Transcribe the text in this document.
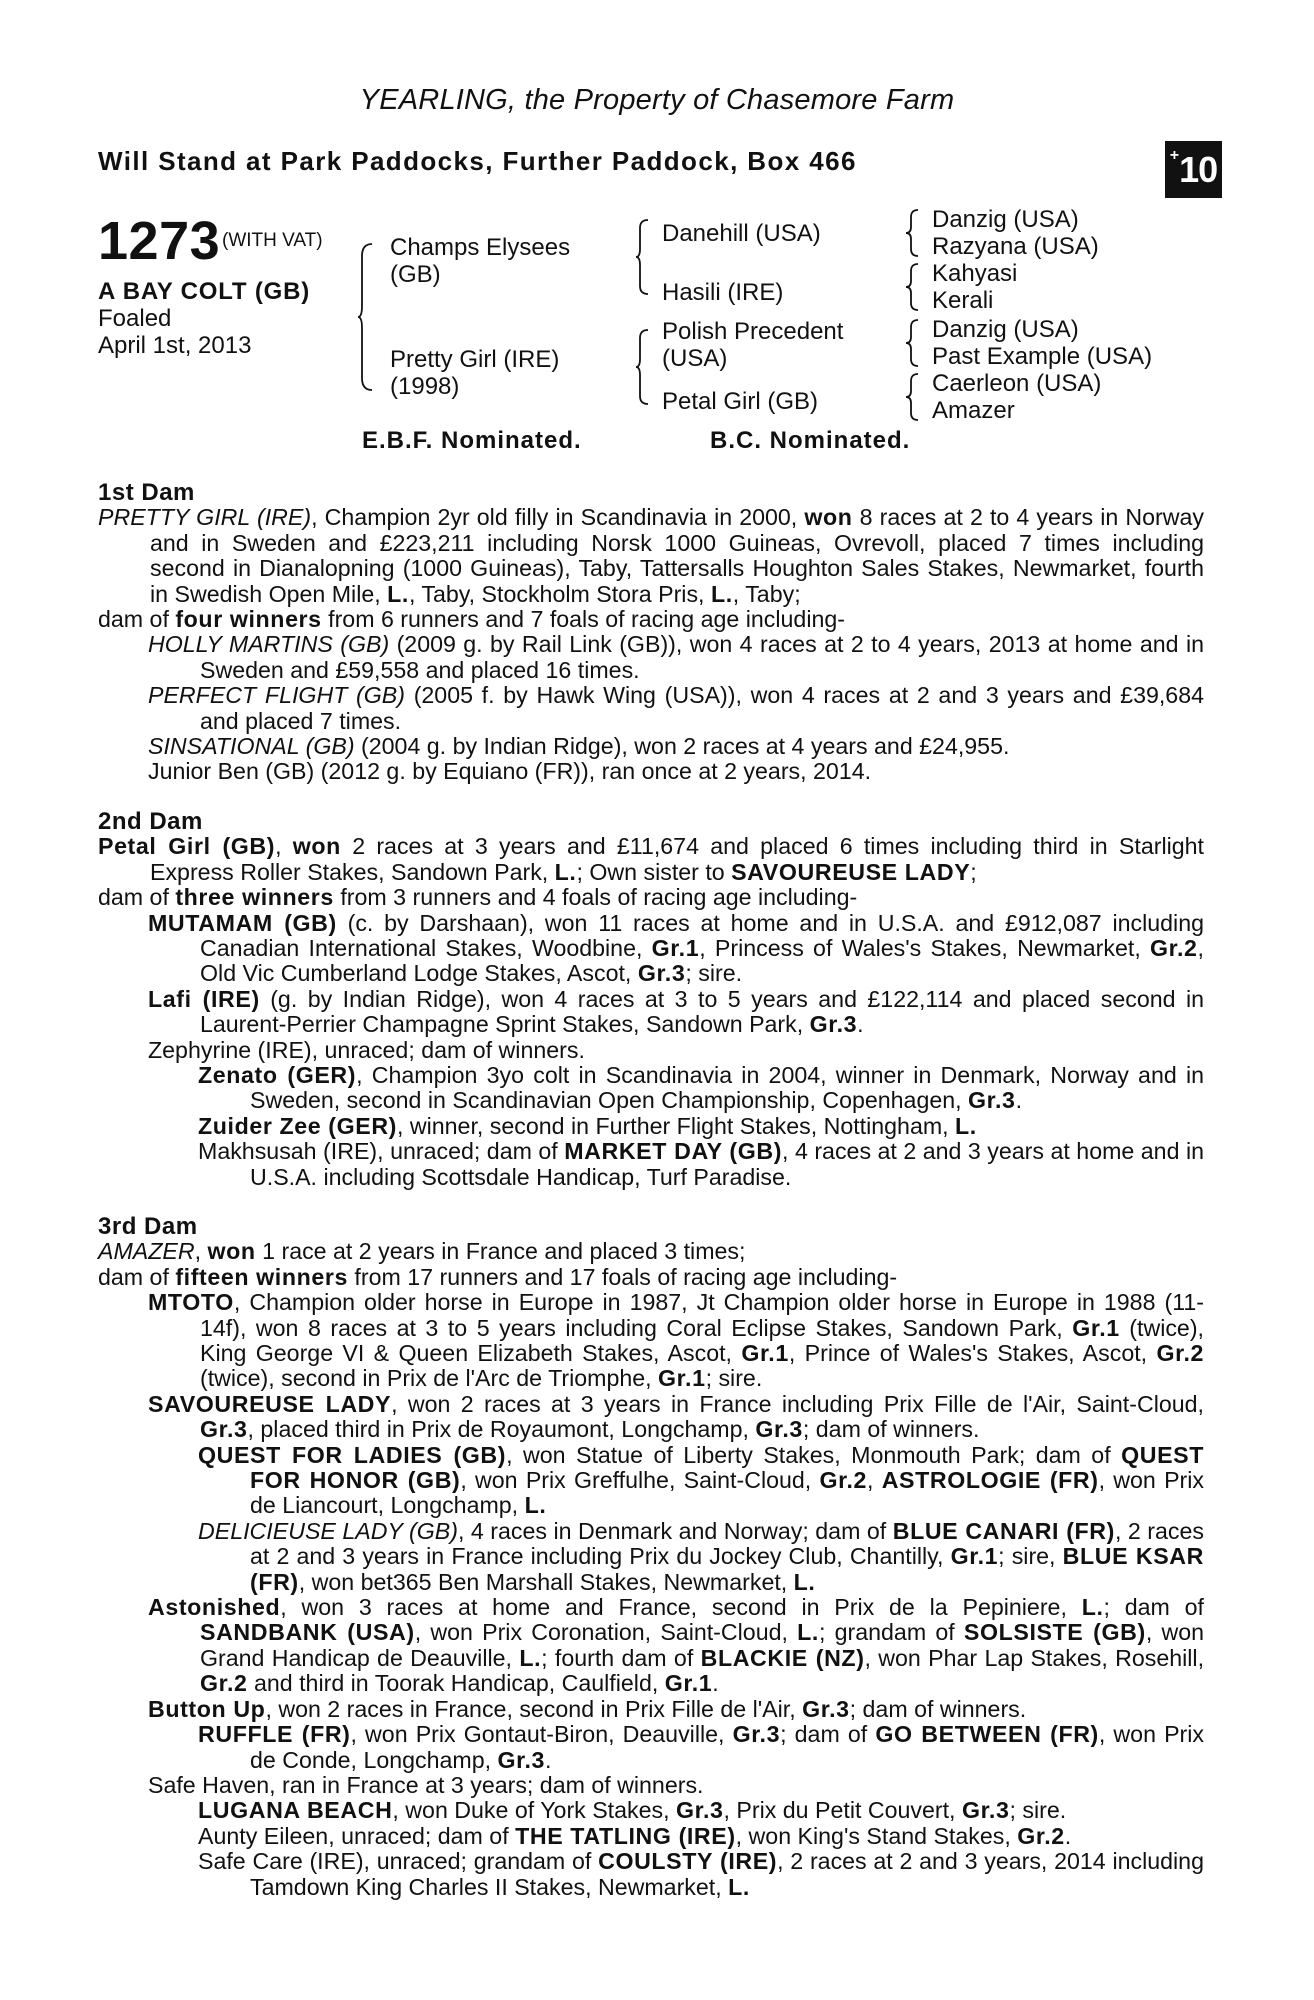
YEARLING, the Property of Chasemore Farm
Will Stand at Park Paddocks, Further Paddock, Box 466	+ 10
1273 (WITH VAT)
A BAY COLT (GB)
Foaled
April 1st, 2013
Champs Elysees
(GB)
Pretty Girl (IRE)
(1998)
Danehill (USA)
Hasili (IRE)
Polish Precedent
(USA)
Petal Girl (GB)
Danzig (USA)
Razyana (USA)
Kahyasi
Kerali
Danzig (USA)
Past Example (USA)
Caerleon (USA)
Amazer
E.B.F. Nominated.	B.C. Nominated.
1st Dam
PRETTY GIRL (IRE), Champion 2yr old filly in Scandinavia in 2000, won 8 races at 2 to 4 years in Norway and in Sweden and £223,211 including Norsk 1000 Guineas, Ovrevoll, placed 7 times including second in Dianalopning (1000 Guineas), Taby, Tattersalls Houghton Sales Stakes, Newmarket, fourth in Swedish Open Mile, L., Taby, Stockholm Stora Pris, L., Taby;
dam of four winners from 6 runners and 7 foals of racing age including-
HOLLY MARTINS (GB) (2009 g. by Rail Link (GB)), won 4 races at 2 to 4 years, 2013 at home and in Sweden and £59,558 and placed 16 times.
PERFECT FLIGHT (GB) (2005 f. by Hawk Wing (USA)), won 4 races at 2 and 3 years and £39,684 and placed 7 times.
SINSATIONAL (GB) (2004 g. by Indian Ridge), won 2 races at 4 years and £24,955.
Junior Ben (GB) (2012 g. by Equiano (FR)), ran once at 2 years, 2014.
2nd Dam
Petal Girl (GB), won 2 races at 3 years and £11,674 and placed 6 times including third in Starlight Express Roller Stakes, Sandown Park, L.; Own sister to SAVOUREUSE LADY;
dam of three winners from 3 runners and 4 foals of racing age including-
MUTAMAM (GB) (c. by Darshaan), won 11 races at home and in U.S.A. and £912,087 including Canadian International Stakes, Woodbine, Gr.1, Princess of Wales's Stakes, Newmarket, Gr.2, Old Vic Cumberland Lodge Stakes, Ascot, Gr.3; sire.
Lafi (IRE) (g. by Indian Ridge), won 4 races at 3 to 5 years and £122,114 and placed second in Laurent-Perrier Champagne Sprint Stakes, Sandown Park, Gr.3.
Zephyrine (IRE), unraced; dam of winners.
Zenato (GER), Champion 3yo colt in Scandinavia in 2004, winner in Denmark, Norway and in Sweden, second in Scandinavian Open Championship, Copenhagen, Gr.3.
Zuider Zee (GER), winner, second in Further Flight Stakes, Nottingham, L.
Makhsusah (IRE), unraced; dam of MARKET DAY (GB), 4 races at 2 and 3 years at home and in U.S.A. including Scottsdale Handicap, Turf Paradise.
3rd Dam
AMAZER, won 1 race at 2 years in France and placed 3 times;
dam of fifteen winners from 17 runners and 17 foals of racing age including-
MTOTO, Champion older horse in Europe in 1987, Jt Champion older horse in Europe in 1988 (11-14f), won 8 races at 3 to 5 years including Coral Eclipse Stakes, Sandown Park, Gr.1 (twice), King George VI & Queen Elizabeth Stakes, Ascot, Gr.1, Prince of Wales's Stakes, Ascot, Gr.2 (twice), second in Prix de l'Arc de Triomphe, Gr.1; sire.
SAVOUREUSE LADY, won 2 races at 3 years in France including Prix Fille de l'Air, Saint-Cloud, Gr.3, placed third in Prix de Royaumont, Longchamp, Gr.3; dam of winners.
QUEST FOR LADIES (GB), won Statue of Liberty Stakes, Monmouth Park; dam of QUEST FOR HONOR (GB), won Prix Greffulhe, Saint-Cloud, Gr.2, ASTROLOGIE (FR), won Prix de Liancourt, Longchamp, L.
DELICIEUSE LADY (GB), 4 races in Denmark and Norway; dam of BLUE CANARI (FR), 2 races at 2 and 3 years in France including Prix du Jockey Club, Chantilly, Gr.1; sire, BLUE KSAR (FR), won bet365 Ben Marshall Stakes, Newmarket, L.
Astonished, won 3 races at home and France, second in Prix de la Pepiniere, L.; dam of SANDBANK (USA), won Prix Coronation, Saint-Cloud, L.; grandam of SOLSISTE (GB), won Grand Handicap de Deauville, L.; fourth dam of BLACKIE (NZ), won Phar Lap Stakes, Rosehill, Gr.2 and third in Toorak Handicap, Caulfield, Gr.1.
Button Up, won 2 races in France, second in Prix Fille de l'Air, Gr.3; dam of winners.
RUFFLE (FR), won Prix Gontaut-Biron, Deauville, Gr.3; dam of GO BETWEEN (FR), won Prix de Conde, Longchamp, Gr.3.
Safe Haven, ran in France at 3 years; dam of winners.
LUGANA BEACH, won Duke of York Stakes, Gr.3, Prix du Petit Couvert, Gr.3; sire.
Aunty Eileen, unraced; dam of THE TATLING (IRE), won King's Stand Stakes, Gr.2.
Safe Care (IRE), unraced; grandam of COULSTY (IRE), 2 races at 2 and 3 years, 2014 including Tamdown King Charles II Stakes, Newmarket, L.
